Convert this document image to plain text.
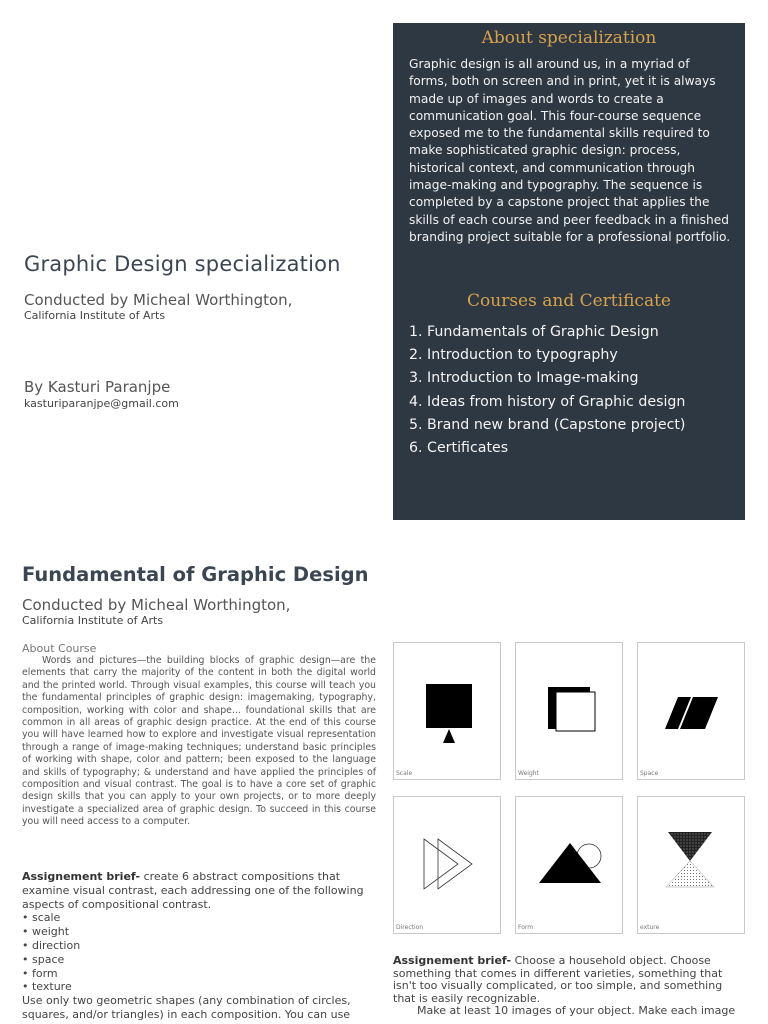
Graphic Design specialization
Conducted by Micheal Worthington,
California Institute of Arts
By Kasturi Paranjpe
kasturiparanjpe@gmail.com
About specialization
Graphic design is all around us, in a myriad of forms, both on screen and in print, yet it is always made up of images and words to create a communication goal. This four-course sequence exposed me to the fundamental skills required to make sophisticated graphic design: process, historical context, and communication through image-making and typography. The sequence is completed by a capstone project that applies the skills of each course and peer feedback in a finished branding project suitable for a professional portfolio.
Courses and Certificate
1. Fundamentals of Graphic Design
2. Introduction to typography
3. Introduction to Image-making
4. Ideas from history of Graphic design
5. Brand new brand (Capstone project)
6. Certificates
Fundamental of Graphic Design
Conducted by Micheal Worthington,
California Institute of Arts
About Course
Words and pictures—the building blocks of graphic design—are the elements that carry the majority of the content in both the digital world and the printed world. Through visual examples, this course will teach you the fundamental principles of graphic design: imagemaking, typography, composition, working with color and shape... foundational skills that are common in all areas of graphic design practice. At the end of this course you will have learned how to explore and investigate visual representation through a range of image-making techniques; understand basic principles of working with shape, color and pattern; been exposed to the language and skills of typography; & understand and have applied the principles of composition and visual contrast. The goal is to have a core set of graphic design skills that you can apply to your own projects, or to more deeply investigate a specialized area of graphic design. To succeed in this course you will need access to a computer.
Assignement brief- create 6 abstract compositions that examine visual contrast, each addressing one of the following aspects of compositional contrast.
• scale
• weight
• direction
• space
• form
• texture
Use only two geometric shapes (any combination of circles, squares, and/or triangles) in each composition. You can use
Assignement brief- Choose a household object. Choose something that comes in different varieties, something that isn't too visually complicated, or too simple, and something that is easily recognizable.
Make at least 10 images of your object. Make each image
Scale	Weight	Space
Direction	Form	exture
